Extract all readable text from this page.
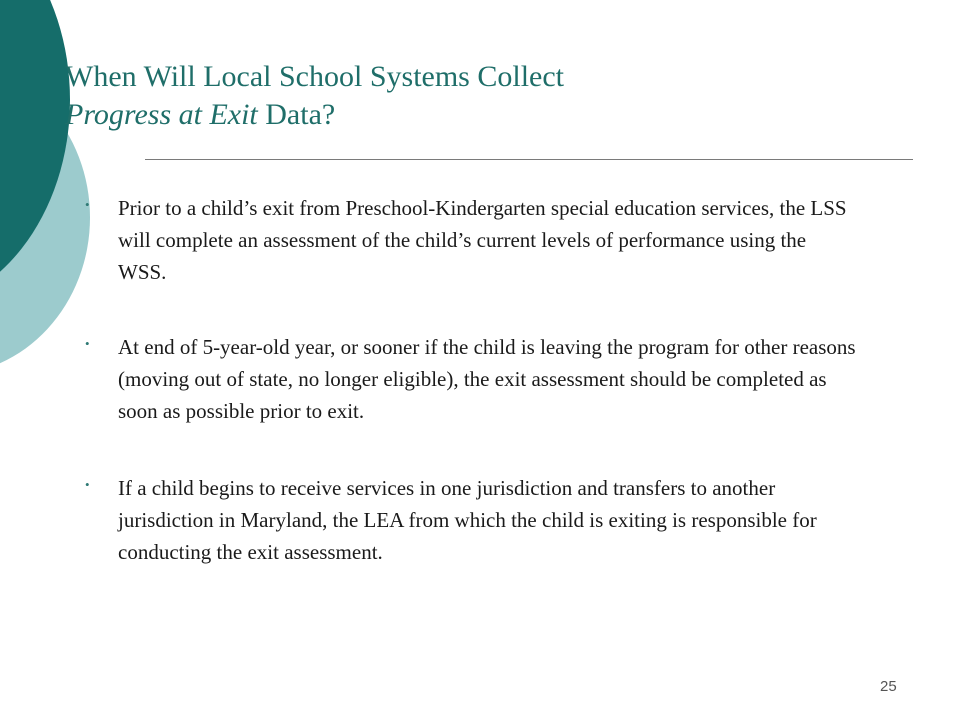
When Will Local School Systems Collect
Progress at Exit Data?
• Prior to a child’s exit from Preschool-Kindergarten special education services, the LSS will complete an assessment of the child’s current levels of performance using the WSS.
• At end of 5-year-old year, or sooner if the child is leaving the program for other reasons (moving out of state, no longer eligible), the exit assessment should be completed as soon as possible prior to exit.
• If a child begins to receive services in one jurisdiction and transfers to another jurisdiction in Maryland, the LEA from which the child is exiting is responsible for conducting the exit assessment.
25
